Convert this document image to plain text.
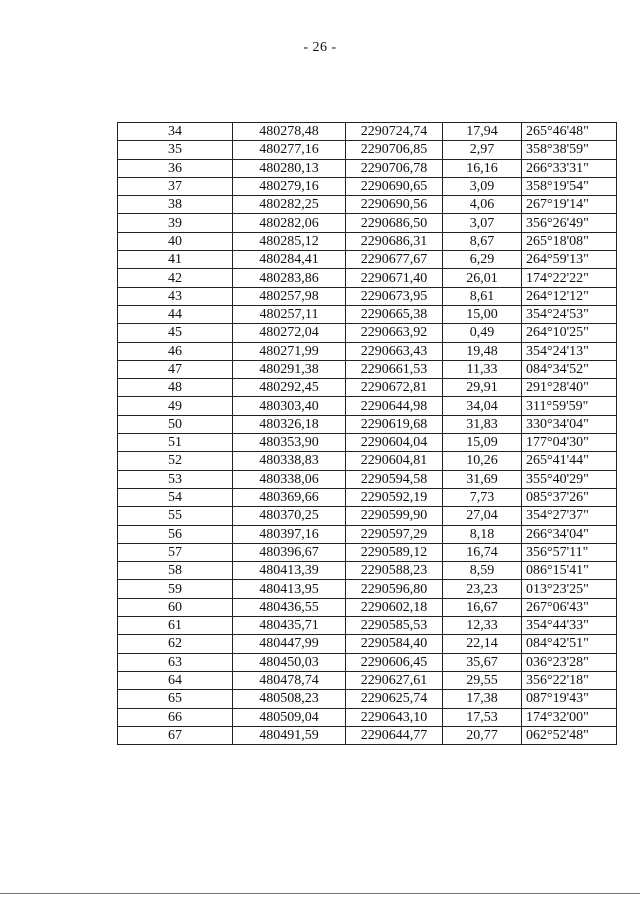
- 26 -
34	480278,48	2290724,74	17,94	265°46'48"
35	480277,16	2290706,85	2,97	358°38'59"
36	480280,13	2290706,78	16,16	266°33'31"
37	480279,16	2290690,65	3,09	358°19'54"
38	480282,25	2290690,56	4,06	267°19'14"
39	480282,06	2290686,50	3,07	356°26'49"
40	480285,12	2290686,31	8,67	265°18'08"
41	480284,41	2290677,67	6,29	264°59'13"
42	480283,86	2290671,40	26,01	174°22'22"
43	480257,98	2290673,95	8,61	264°12'12"
44	480257,11	2290665,38	15,00	354°24'53"
45	480272,04	2290663,92	0,49	264°10'25"
46	480271,99	2290663,43	19,48	354°24'13"
47	480291,38	2290661,53	11,33	084°34'52"
48	480292,45	2290672,81	29,91	291°28'40"
49	480303,40	2290644,98	34,04	311°59'59"
50	480326,18	2290619,68	31,83	330°34'04"
51	480353,90	2290604,04	15,09	177°04'30"
52	480338,83	2290604,81	10,26	265°41'44"
53	480338,06	2290594,58	31,69	355°40'29"
54	480369,66	2290592,19	7,73	085°37'26"
55	480370,25	2290599,90	27,04	354°27'37"
56	480397,16	2290597,29	8,18	266°34'04"
57	480396,67	2290589,12	16,74	356°57'11"
58	480413,39	2290588,23	8,59	086°15'41"
59	480413,95	2290596,80	23,23	013°23'25"
60	480436,55	2290602,18	16,67	267°06'43"
61	480435,71	2290585,53	12,33	354°44'33"
62	480447,99	2290584,40	22,14	084°42'51"
63	480450,03	2290606,45	35,67	036°23'28"
64	480478,74	2290627,61	29,55	356°22'18"
65	480508,23	2290625,74	17,38	087°19'43"
66	480509,04	2290643,10	17,53	174°32'00"
67	480491,59	2290644,77	20,77	062°52'48"
